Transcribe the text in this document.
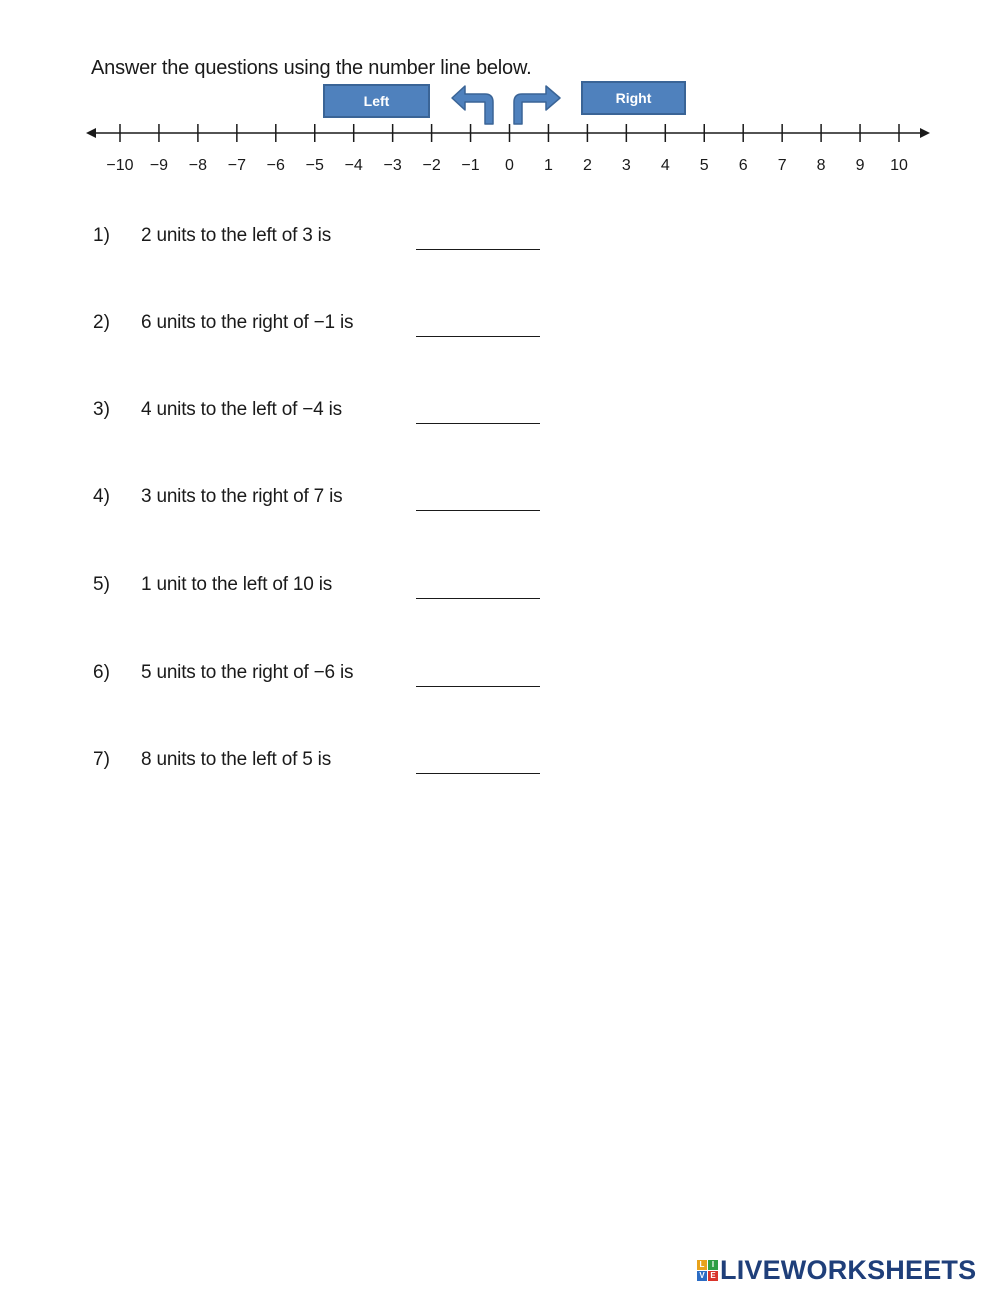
Answer the questions using the number line below.
Left	Right
−10 −9 −8 −7 −6 −5 −4 −3 −2 −1 0 1 2 3 4 5 6 7 8 9 10
1) 2 units to the left of 3 is
2) 6 units to the right of −1 is
3) 4 units to the left of −4 is
4) 3 units to the right of 7 is
5) 1 unit to the left of 10 is
6) 5 units to the right of −6 is
7) 8 units to the left of 5 is
L I
V E LIVEWORKSHEETS
